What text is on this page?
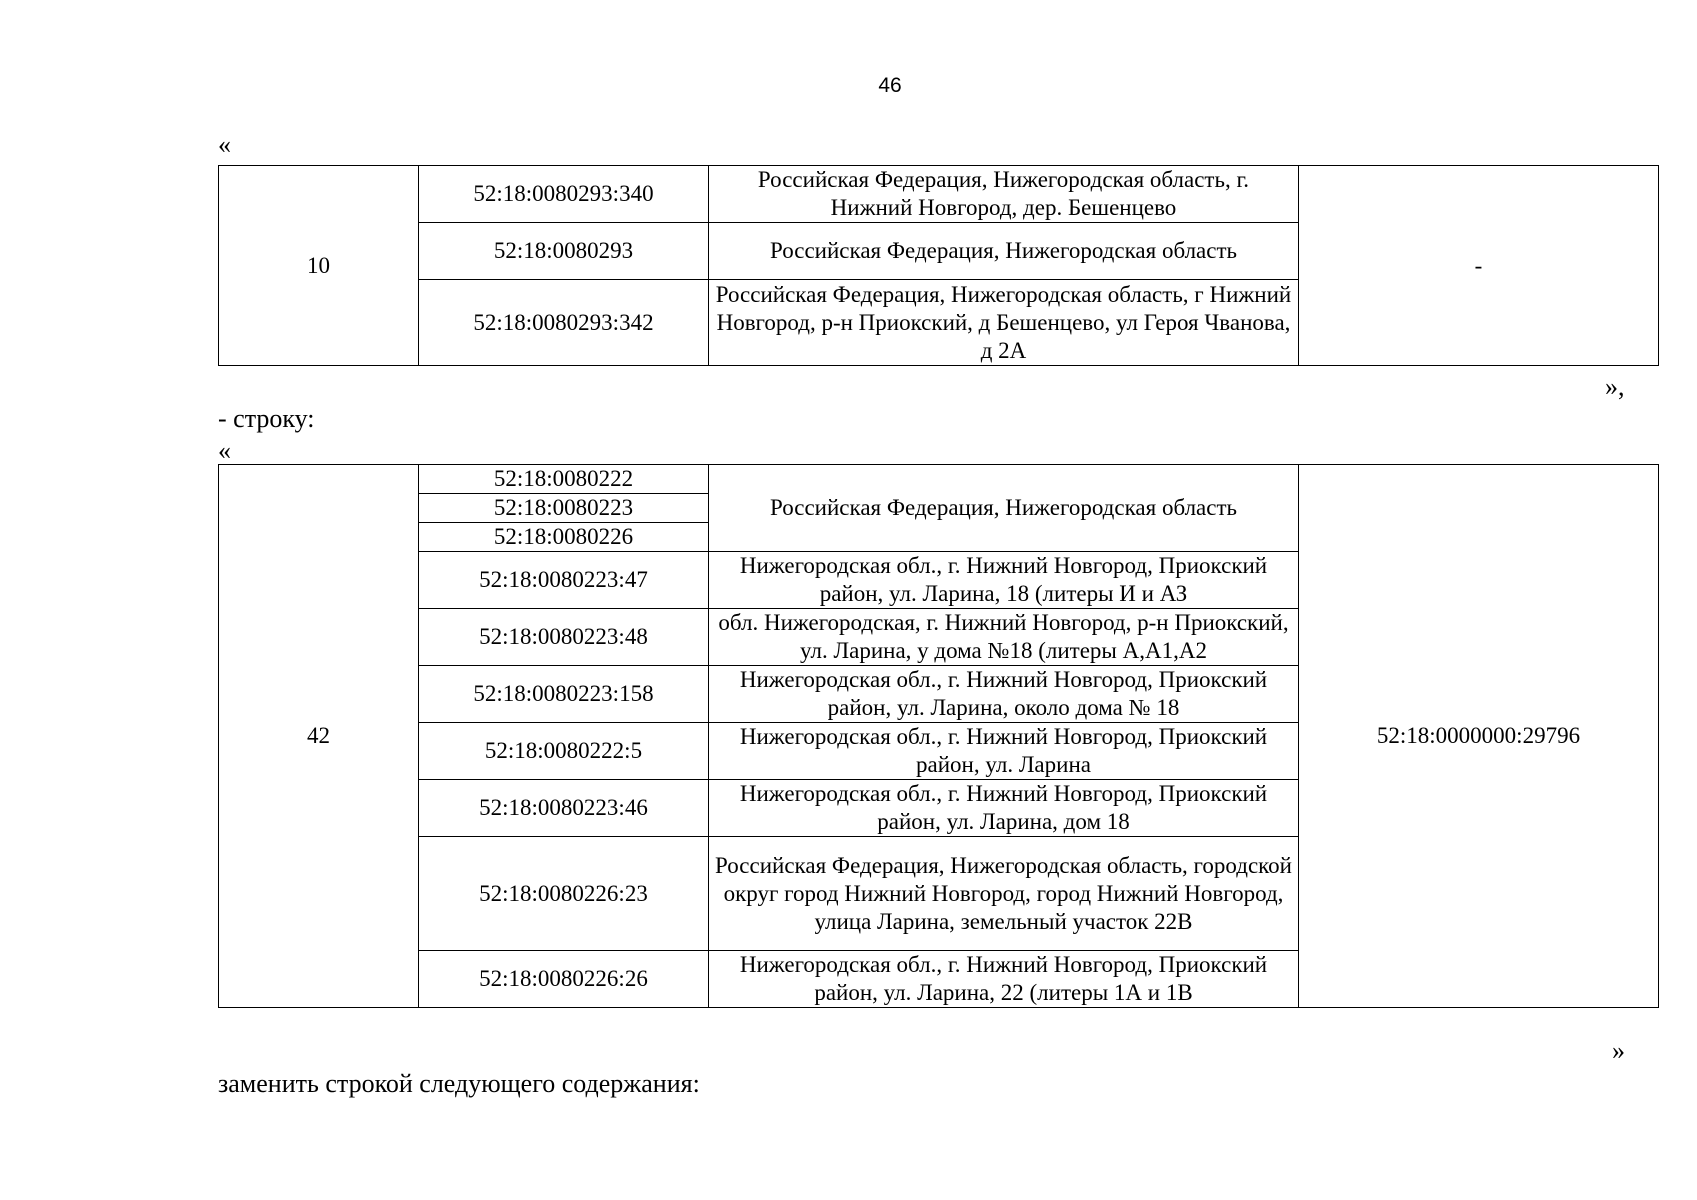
46
«
10	52:18:0080293:340	Российская Федерация, Нижегородская область, г. Нижний Новгород, дер. Бешенцево	-
	52:18:0080293	Российская Федерация, Нижегородская область	
	52:18:0080293:342	Российская Федерация, Нижегородская область, г Нижний Новгород, р-н Приокский, д Бешенцево, ул Героя Чванова, д 2А	
»,
- строку:
«
42	52:18:0080222	Российская Федерация, Нижегородская область	52:18:0000000:29796
	52:18:0080223		
	52:18:0080226		
	52:18:0080223:47	Нижегородская обл., г. Нижний Новгород, Приокский район, ул. Ларина, 18 (литеры И и АЗ	
	52:18:0080223:48	обл. Нижегородская, г. Нижний Новгород, р-н Приокский, ул. Ларина, у дома №18 (литеры А,А1,А2	
	52:18:0080223:158	Нижегородская обл., г. Нижний Новгород, Приокский район, ул. Ларина, около дома № 18	
	52:18:0080222:5	Нижегородская обл., г. Нижний Новгород, Приокский район, ул. Ларина	
	52:18:0080223:46	Нижегородская обл., г. Нижний Новгород, Приокский район, ул. Ларина, дом 18	
	52:18:0080226:23	Российская Федерация, Нижегородская область, городской округ город Нижний Новгород, город Нижний Новгород, улица Ларина, земельный участок 22В	
	52:18:0080226:26	Нижегородская обл., г. Нижний Новгород, Приокский район, ул. Ларина, 22 (литеры 1А и 1В	
»
заменить строкой следующего содержания:
